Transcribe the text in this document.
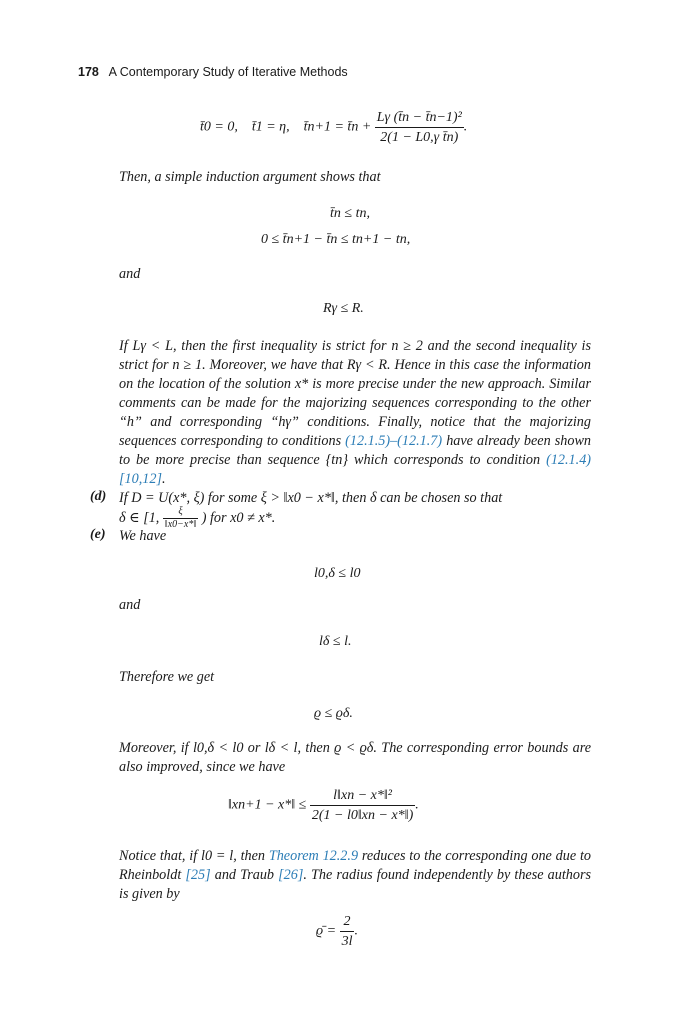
178 A Contemporary Study of Iterative Methods
t̄0 = 0, t̄1 = η, t̄n+1 = t̄n + $\frac{\text{Lγ (t̄n − t̄n−1)²}}{\text{2(1 − L0,γ t̄n)}}$ .
Then, a simple induction argument shows that
t̄n ≤ tn,
0 ≤ t̄n+1 − t̄n ≤ tn+1 − tn,
and
Rγ ≤ R.
If Lγ < L, then the first inequality is strict for n ≥ 2 and the second inequality is strict for n ≥ 1. Moreover, we have that Rγ < R. Hence in this case the information on the location of the solution x* is more precise under the new approach. Similar comments can be made for the majorizing sequences corresponding to the other “h” and corresponding “hγ” conditions. Finally, notice that the majorizing sequences corresponding to conditions (12.1.5)–(12.1.7) have already been shown to be more precise than sequence {tn} which corresponds to condition (12.1.4) [10,12].
(d) If D = U(x*, ξ) for some ξ > ‖x0 − x*‖, then δ can be chosen so that
δ ∈ [1, $\frac{\xi}{‖x0-x*‖}$ ) for x0 ≠ x*.
(e) We have
l0,δ ≤ l0
and
lδ ≤ l.
Therefore we get
ϱ ≤ ϱδ.
Moreover, if l0,δ < l0 or lδ < l, then ϱ < ϱδ. The corresponding error bounds are also improved, since we have
‖xn+1 − x*‖ ≤ $\frac{\text{l‖xn − x*‖²}}{2(1 - l0‖xn - x*‖)}$ .
Notice that, if l0 = l, then Theorem 12.2.9 reduces to the corresponding one due to Rheinboldt [25] and Traub [26]. The radius found independently by these authors is given by
ϱ̄ = $\frac{2}{3l}$ .
